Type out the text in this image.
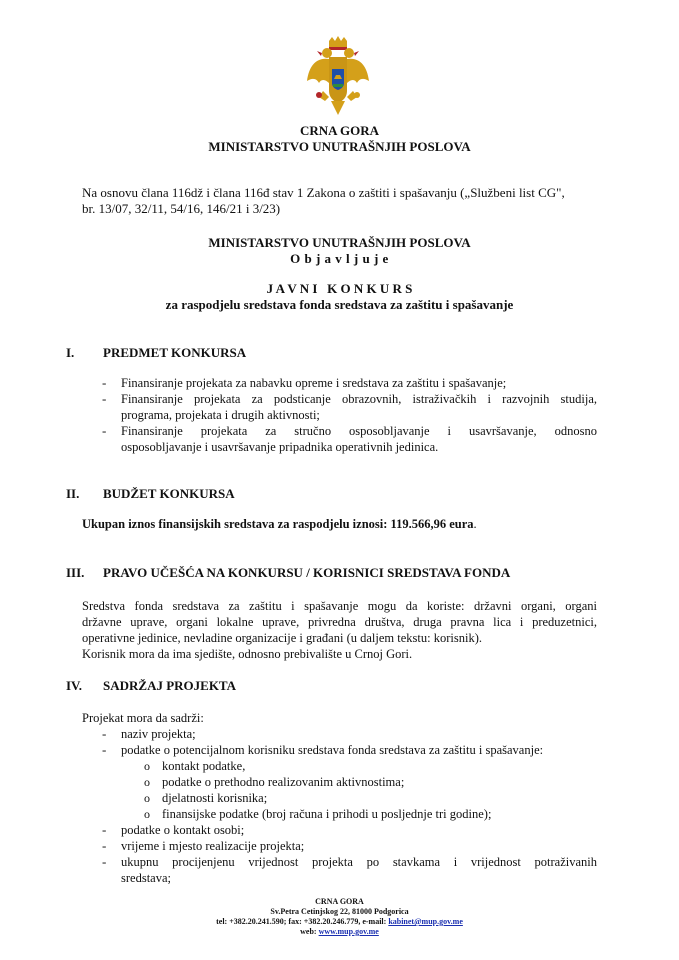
CRNA GORA
MINISTARSTVO UNUTRAŠNJIH POSLOVA
Na osnovu člana 116dž i člana 116đ stav 1 Zakona o zaštiti i spašavanju („Službeni list CG",
br. 13/07, 32/11, 54/16, 146/21 i 3/23)
MINISTARSTVO UNUTRAŠNJIH POSLOVA
O b j a v l j u j e
J A V N I   K O N K U R S
za raspodjelu sredstava fonda sredstava za zaštitu i spašavanje
I. PREDMET KONKURSA
- Finansiranje projekata za nabavku opreme i sredstava za zaštitu i spašavanje;
- Finansiranje projekata za podsticanje obrazovnih, istraživačkih i razvojnih studija,
programa, projekata i drugih aktivnosti;
- Finansiranje projekata za stručno osposobljavanje i usavršavanje, odnosno
osposobljavanje i usavršavanje pripadnika operativnih jedinica.
II. BUDŽET KONKURSA
Ukupan iznos finansijskih sredstava za raspodjelu iznosi: 119.566,96 eura.
III. PRAVO UČEŠĆA NA KONKURSU / KORISNICI SREDSTAVA FONDA
Sredstva fonda sredstava za zaštitu i spašavanje mogu da koriste: državni organi, organi
državne uprave, organi lokalne uprave, privredna društva, druga pravna lica i preduzetnici,
operativne jedinice, nevladine organizacije i građani (u daljem tekstu: korisnik).
Korisnik mora da ima sjedište, odnosno prebivalište u Crnoj Gori.
IV. SADRŽAJ PROJEKTA
Projekat mora da sadrži:
- naziv projekta;
- podatke o potencijalnom korisniku sredstava fonda sredstava za zaštitu i spašavanje:
o kontakt podatke,
o podatke o prethodno realizovanim aktivnostima;
o djelatnosti korisnika;
o finansijske podatke (broj računa i prihodi u posljednje tri godine);
- podatke o kontakt osobi;
- vrijeme i mjesto realizacije projekta;
- ukupnu procijenjenu vrijednost projekta po stavkama i vrijednost potraživanih
sredstava;
CRNA GORA
Sv.Petra Cetinjskog 22, 81000 Podgorica
tel: +382.20.241.590; fax: +382.20.246.779, e-mail: kabinet@mup.gov.me
web: www.mup.gov.me
